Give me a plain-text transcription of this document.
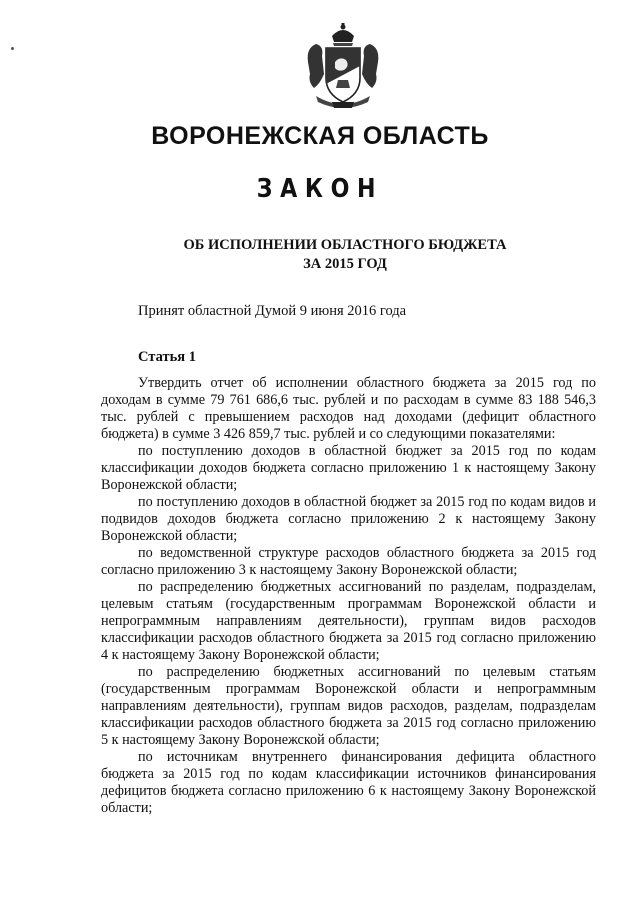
ВОРОНЕЖСКАЯ ОБЛАСТЬ
ЗАКОН
ОБ ИСПОЛНЕНИИ ОБЛАСТНОГО БЮДЖЕТА
ЗА 2015 ГОД
Принят областной Думой 9 июня 2016 года
Статья 1

Утвердить отчет об исполнении областного бюджета за 2015 год по доходам в сумме 79 761 686,6 тыс. рублей и по расходам в сумме 83 188 546,3 тыс. рублей с превышением расходов над доходами (дефицит областного бюджета) в сумме 3 426 859,7 тыс. рублей и со следующими показателями:

по поступлению доходов в областной бюджет за 2015 год по кодам классификации доходов бюджета согласно приложению 1 к настоящему Закону Воронежской области;

по поступлению доходов в областной бюджет за 2015 год по кодам видов и подвидов доходов бюджета согласно приложению 2 к настоящему Закону Воронежской области;

по ведомственной структуре расходов областного бюджета за 2015 год согласно приложению 3 к настоящему Закону Воронежской области;

по распределению бюджетных ассигнований по разделам, подразделам, целевым статьям (государственным программам Воронежской области и непрограммным направлениям деятельности), группам видов расходов классификации расходов областного бюджета за 2015 год согласно приложению 4 к настоящему Закону Воронежской области;

по распределению бюджетных ассигнований по целевым статьям (государственным программам Воронежской области и непрограммным направлениям деятельности), группам видов расходов, разделам, подразделам классификации расходов областного бюджета за 2015 год согласно приложению 5 к настоящему Закону Воронежской области;

по источникам внутреннего финансирования дефицита областного бюджета за 2015 год по кодам классификации источников финансирования дефицитов бюджета согласно приложению 6 к настоящему Закону Воронежской области;
